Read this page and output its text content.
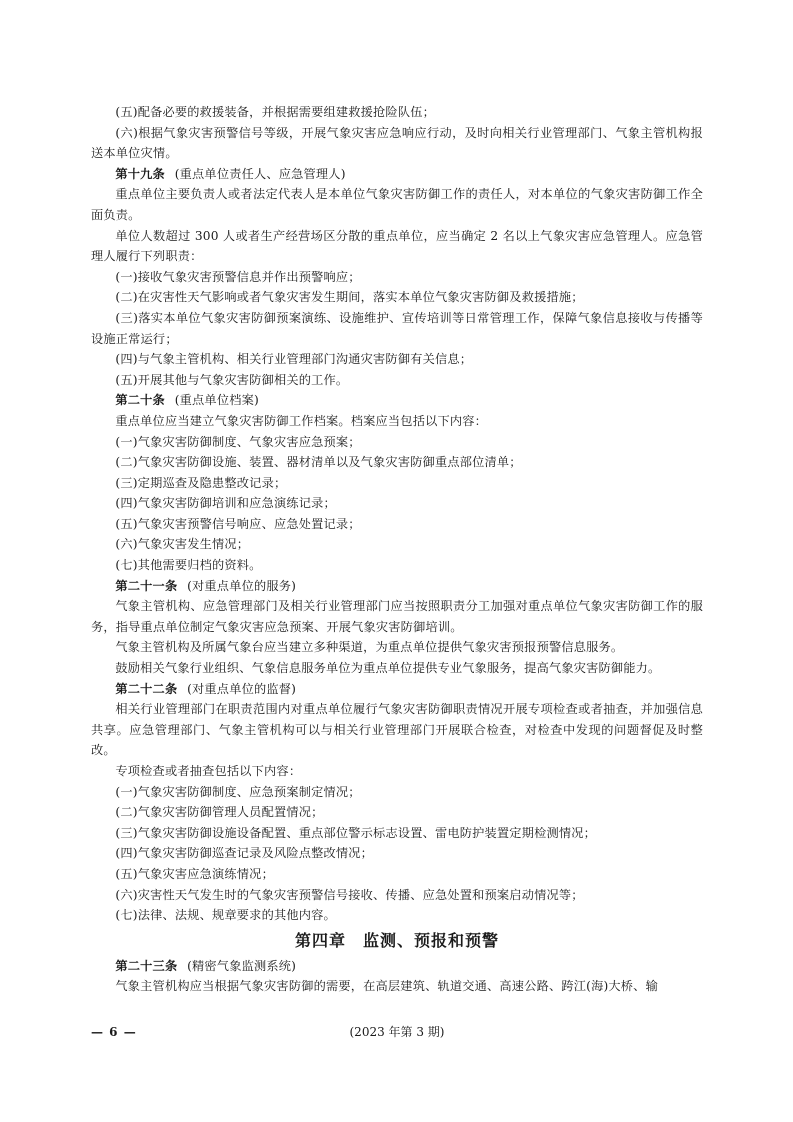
(五)配备必要的救援装备，并根据需要组建救援抢险队伍；

(六)根据气象灾害预警信号等级，开展气象灾害应急响应行动，及时向相关行业管理部门、气象主管机构报送本单位灾情。

第十九条 (重点单位责任人、应急管理人)

重点单位主要负责人或者法定代表人是本单位气象灾害防御工作的责任人，对本单位的气象灾害防御工作全面负责。

单位人数超过 300 人或者生产经营场区分散的重点单位，应当确定 2 名以上气象灾害应急管理人。应急管理人履行下列职责：

(一)接收气象灾害预警信息并作出预警响应；

(二)在灾害性天气影响或者气象灾害发生期间，落实本单位气象灾害防御及救援措施；

(三)落实本单位气象灾害防御预案演练、设施维护、宣传培训等日常管理工作，保障气象信息接收与传播等设施正常运行；

(四)与气象主管机构、相关行业管理部门沟通灾害防御有关信息；

(五)开展其他与气象灾害防御相关的工作。

第二十条 (重点单位档案)

重点单位应当建立气象灾害防御工作档案。档案应当包括以下内容：

(一)气象灾害防御制度、气象灾害应急预案；

(二)气象灾害防御设施、装置、器材清单以及气象灾害防御重点部位清单；

(三)定期巡查及隐患整改记录；

(四)气象灾害防御培训和应急演练记录；

(五)气象灾害预警信号响应、应急处置记录；

(六)气象灾害发生情况；

(七)其他需要归档的资料。

第二十一条 (对重点单位的服务)

气象主管机构、应急管理部门及相关行业管理部门应当按照职责分工加强对重点单位气象灾害防御工作的服务，指导重点单位制定气象灾害应急预案、开展气象灾害防御培训。

气象主管机构及所属气象台应当建立多种渠道，为重点单位提供气象灾害预报预警信息服务。

鼓励相关气象行业组织、气象信息服务单位为重点单位提供专业气象服务，提高气象灾害防御能力。

第二十二条 (对重点单位的监督)

相关行业管理部门在职责范围内对重点单位履行气象灾害防御职责情况开展专项检查或者抽查，并加强信息共享。应急管理部门、气象主管机构可以与相关行业管理部门开展联合检查，对检查中发现的问题督促及时整改。

专项检查或者抽查包括以下内容：

(一)气象灾害防御制度、应急预案制定情况；

(二)气象灾害防御管理人员配置情况；

(三)气象灾害防御设施设备配置、重点部位警示标志设置、雷电防护装置定期检测情况；

(四)气象灾害防御巡查记录及风险点整改情况；

(五)气象灾害应急演练情况；

(六)灾害性天气发生时的气象灾害预警信号接收、传播、应急处置和预案启动情况等；

(七)法律、法规、规章要求的其他内容。

第四章　监测、预报和预警

第二十三条 (精密气象监测系统)

气象主管机构应当根据气象灾害防御的需要，在高层建筑、轨道交通、高速公路、跨江(海)大桥、输

— 6 —	(2023 年第 3 期)
